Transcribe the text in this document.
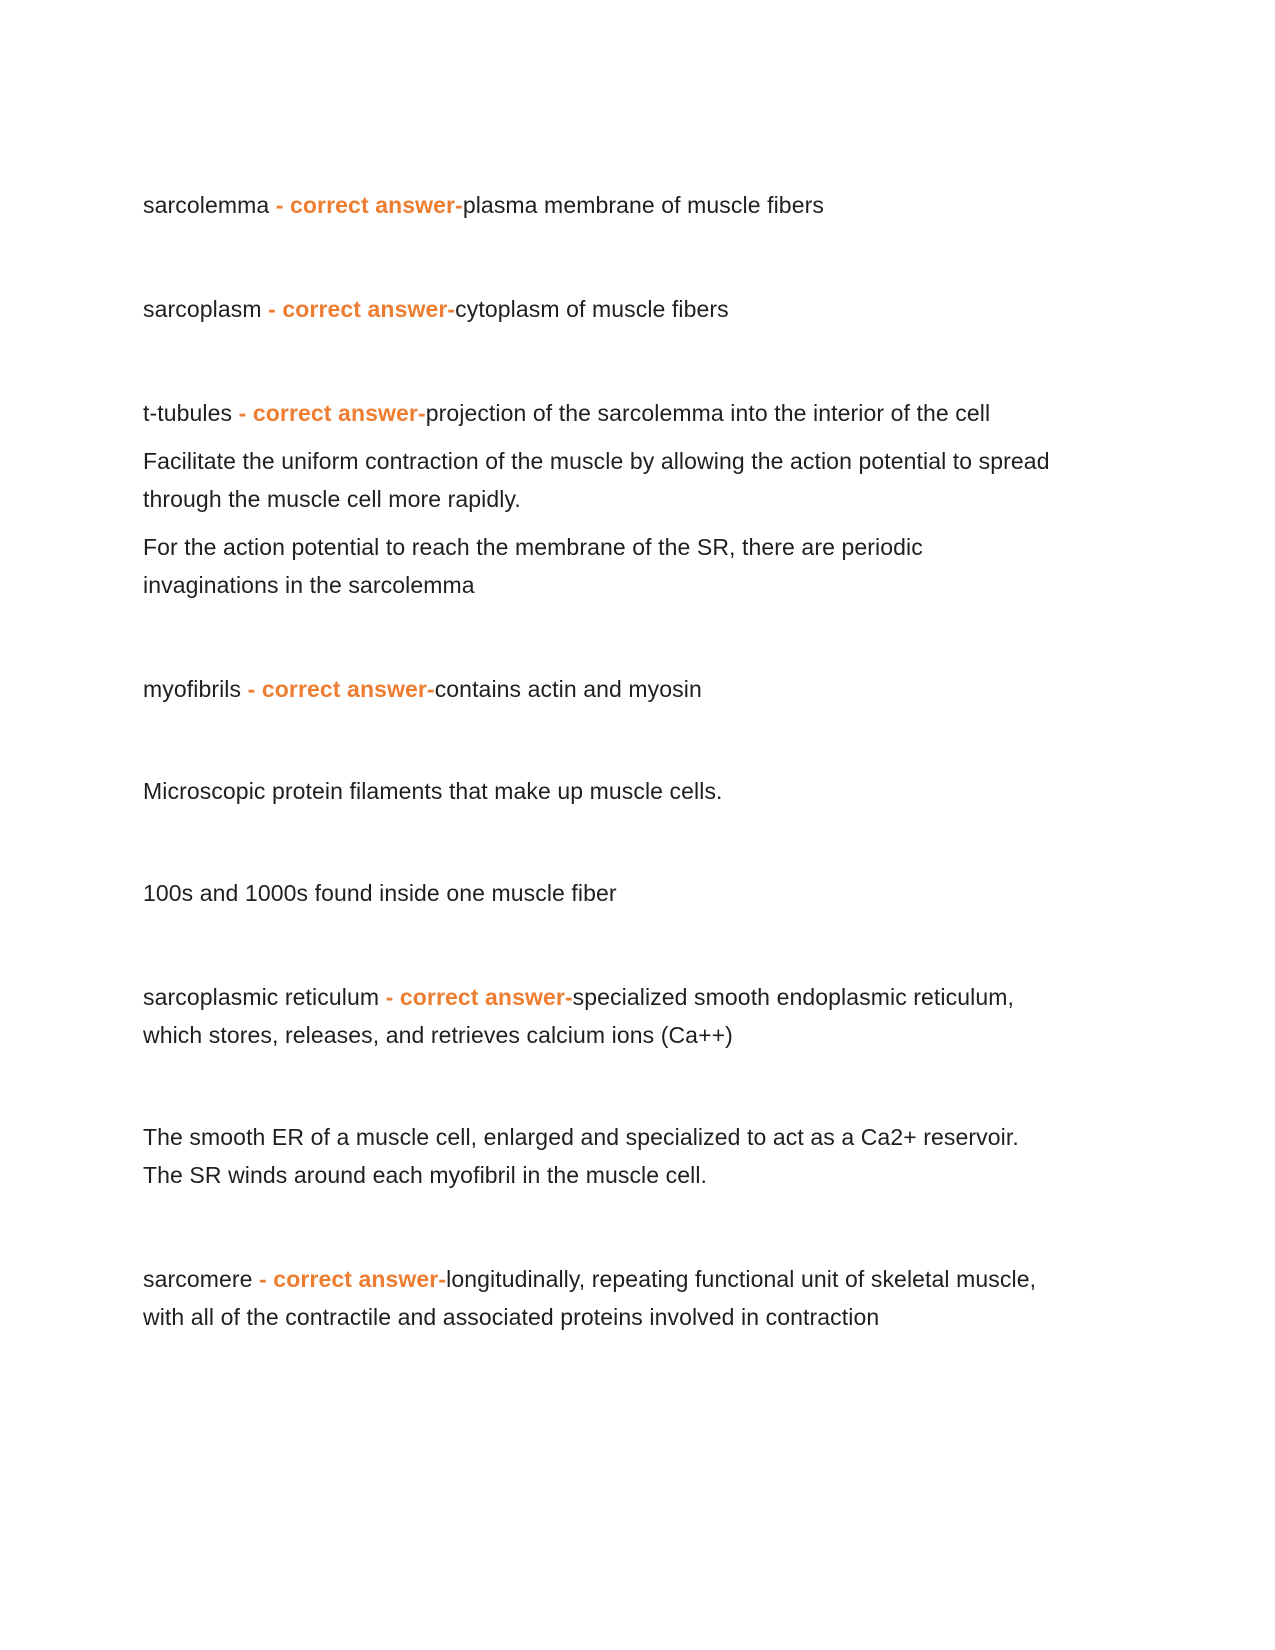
sarcolemma - correct answer-plasma membrane of muscle fibers

sarcoplasm - correct answer-cytoplasm of muscle fibers

t-tubules - correct answer-projection of the sarcolemma into the interior of the cell

Facilitate the uniform contraction of the muscle by allowing the action potential to spread through the muscle cell more rapidly.

For the action potential to reach the membrane of the SR, there are periodic invaginations in the sarcolemma

myofibrils - correct answer-contains actin and myosin

Microscopic protein filaments that make up muscle cells.

100s and 1000s found inside one muscle fiber

sarcoplasmic reticulum - correct answer-specialized smooth endoplasmic reticulum, which stores, releases, and retrieves calcium ions (Ca++)

The smooth ER of a muscle cell, enlarged and specialized to act as a Ca2+ reservoir. The SR winds around each myofibril in the muscle cell.

sarcomere - correct answer-longitudinally, repeating functional unit of skeletal muscle, with all of the contractile and associated proteins involved in contraction
